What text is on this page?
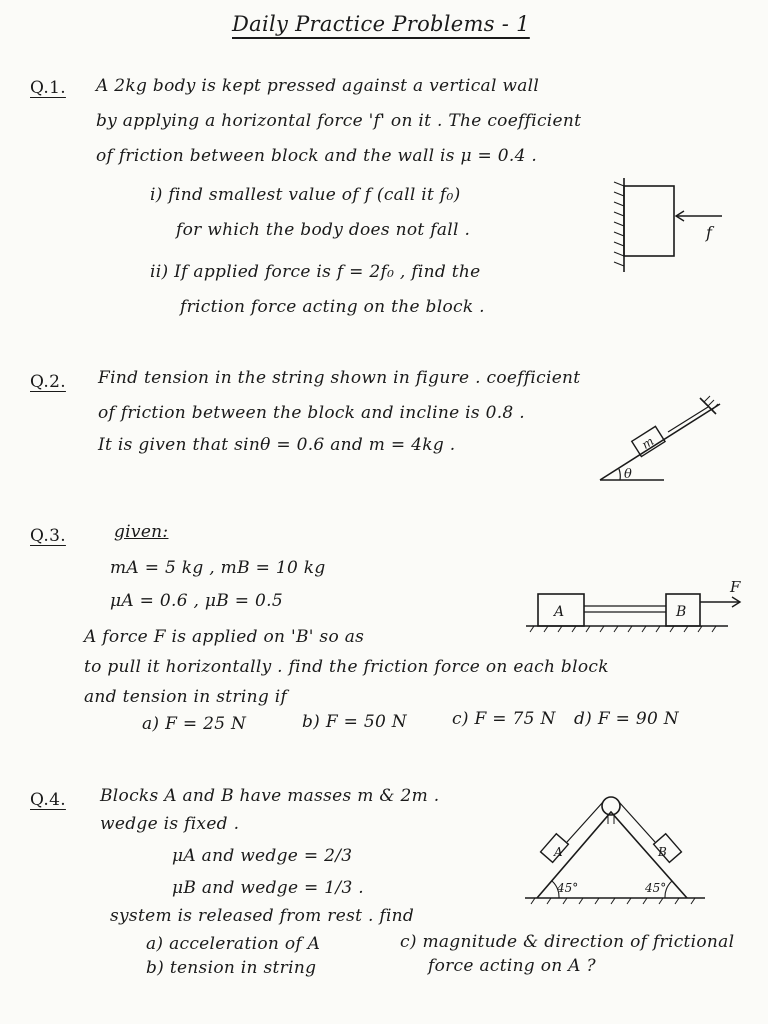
Daily Practice Problems - 1
Q.1. A 2kg body is kept pressed against a vertical wall
by applying a horizontal force 'f' on it . The coefficient
of friction between block and the wall is μ = 0.4 .
i) find smallest value of f (call it f₀)
for which the body does not fall .
ii) If applied force is f = 2f₀ , find the
friction force acting on the block .
f
Q.2. Find tension in the string shown in figure . coefficient
of friction between the block and incline is 0.8 .
It is given that sinθ = 0.6 and m = 4kg .
θ
m
Q.3.	given:
mA = 5 kg , mB = 10 kg
μA = 0.6 , μB = 0.5
A force F is applied on 'B' so as
to pull it horizontally . find the friction force on each block
and tension in string if
a) F = 25 N	b) F = 50 N	c) F = 75 N d) F = 90 N
A	B
F
Q.4. Blocks A and B have masses m & 2m .
wedge is fixed .
μA and wedge = 2/3
μB and wedge = 1/3 .
system is released from rest . find
a) acceleration of A
b) tension in string
c) magnitude & direction of frictional
force acting on A ?
A	B
45°	45°
